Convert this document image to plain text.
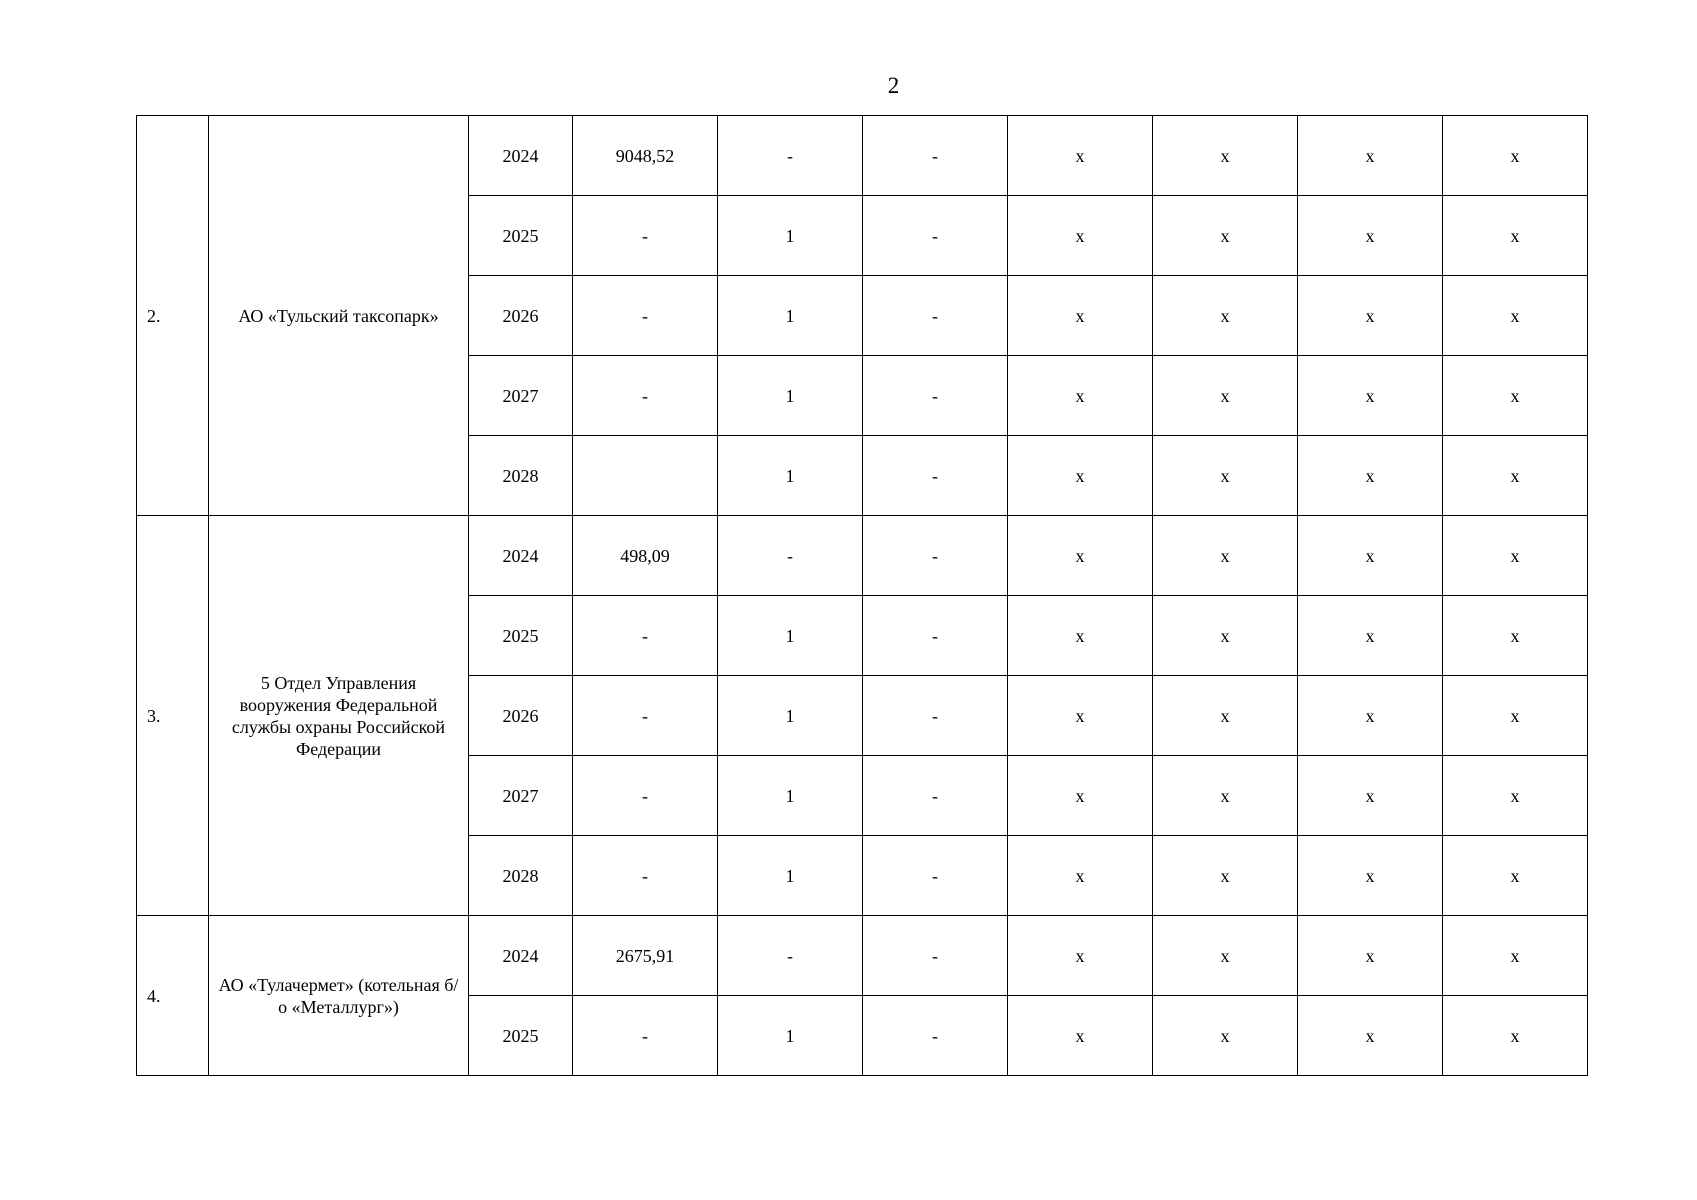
2
2.	АО «Тульский таксопарк»	2024	9048,52	-	-	x	x	x	x
		2025	-	1	-	x	x	x	x
		2026	-	1	-	x	x	x	x
		2027	-	1	-	x	x	x	x
		2028		1	-	x	x	x	x
3.	5 Отдел Управления вооружения Федеральной службы охраны Российской Федерации	2024	498,09	-	-	x	x	x	x
		2025	-	1	-	x	x	x	x
		2026	-	1	-	x	x	x	x
		2027	-	1	-	x	x	x	x
		2028	-	1	-	x	x	x	x
4.	АО «Тулачермет» (котельная б/о «Металлург»)	2024	2675,91	-	-	x	x	x	x
		2025	-	1	-	x	x	x	x
